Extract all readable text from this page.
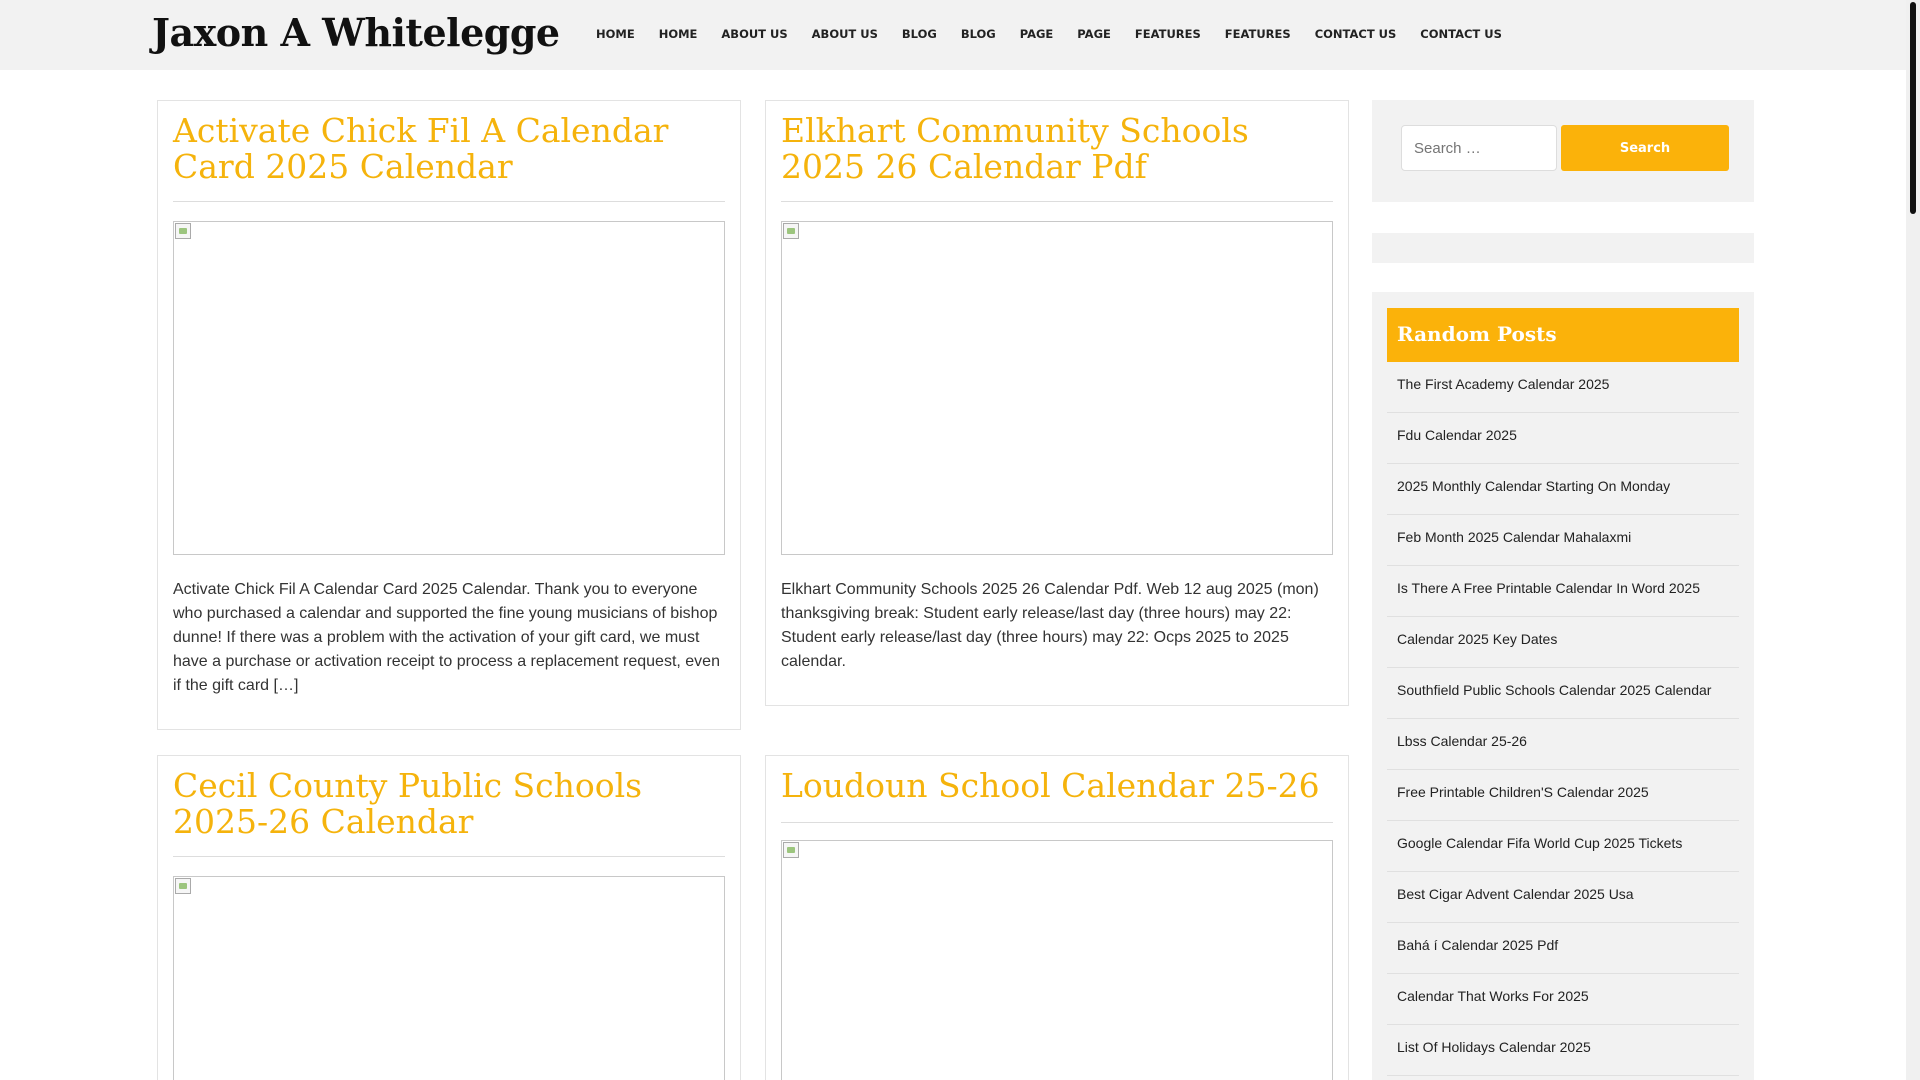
Jaxon A Whitelegge	HOME	HOME	ABOUT US	ABOUT US	BLOG	BLOG	PAGE	PAGE	FEATURES	FEATURES	CONTACT US	CONTACT US
Activate Chick Fil A Calendar Card 2025 Calendar

Activate Chick Fil A Calendar Card 2025 Calendar. Thank you to everyone who purchased a calendar and supported the fine young musicians of bishop dunne! If there was a problem with the activation of your gift card, we must have a purchase or activation receipt to process a replacement request, even if the gift card […]

Elkhart Community Schools 2025 26 Calendar Pdf

Elkhart Community Schools 2025 26 Calendar Pdf. Web 12 aug 2025 (mon) thanksgiving break: Student early release/last day (three hours) may 22: Student early release/last day (three hours) may 22: Ocps 2025 to 2025 calendar.

Cecil County Public Schools 2025-26 Calendar
Loudoun School Calendar 25-26
Search …
Search
Random Posts
The First Academy Calendar 2025
Fdu Calendar 2025
2025 Monthly Calendar Starting On Monday
Feb Month 2025 Calendar Mahalaxmi
Is There A Free Printable Calendar In Word 2025
Calendar 2025 Key Dates
Southfield Public Schools Calendar 2025 Calendar
Lbss Calendar 25-26
Free Printable Children'S Calendar 2025
Google Calendar Fifa World Cup 2025 Tickets
Best Cigar Advent Calendar 2025 Usa
Bahá í Calendar 2025 Pdf
Calendar That Works For 2025
List Of Holidays Calendar 2025
